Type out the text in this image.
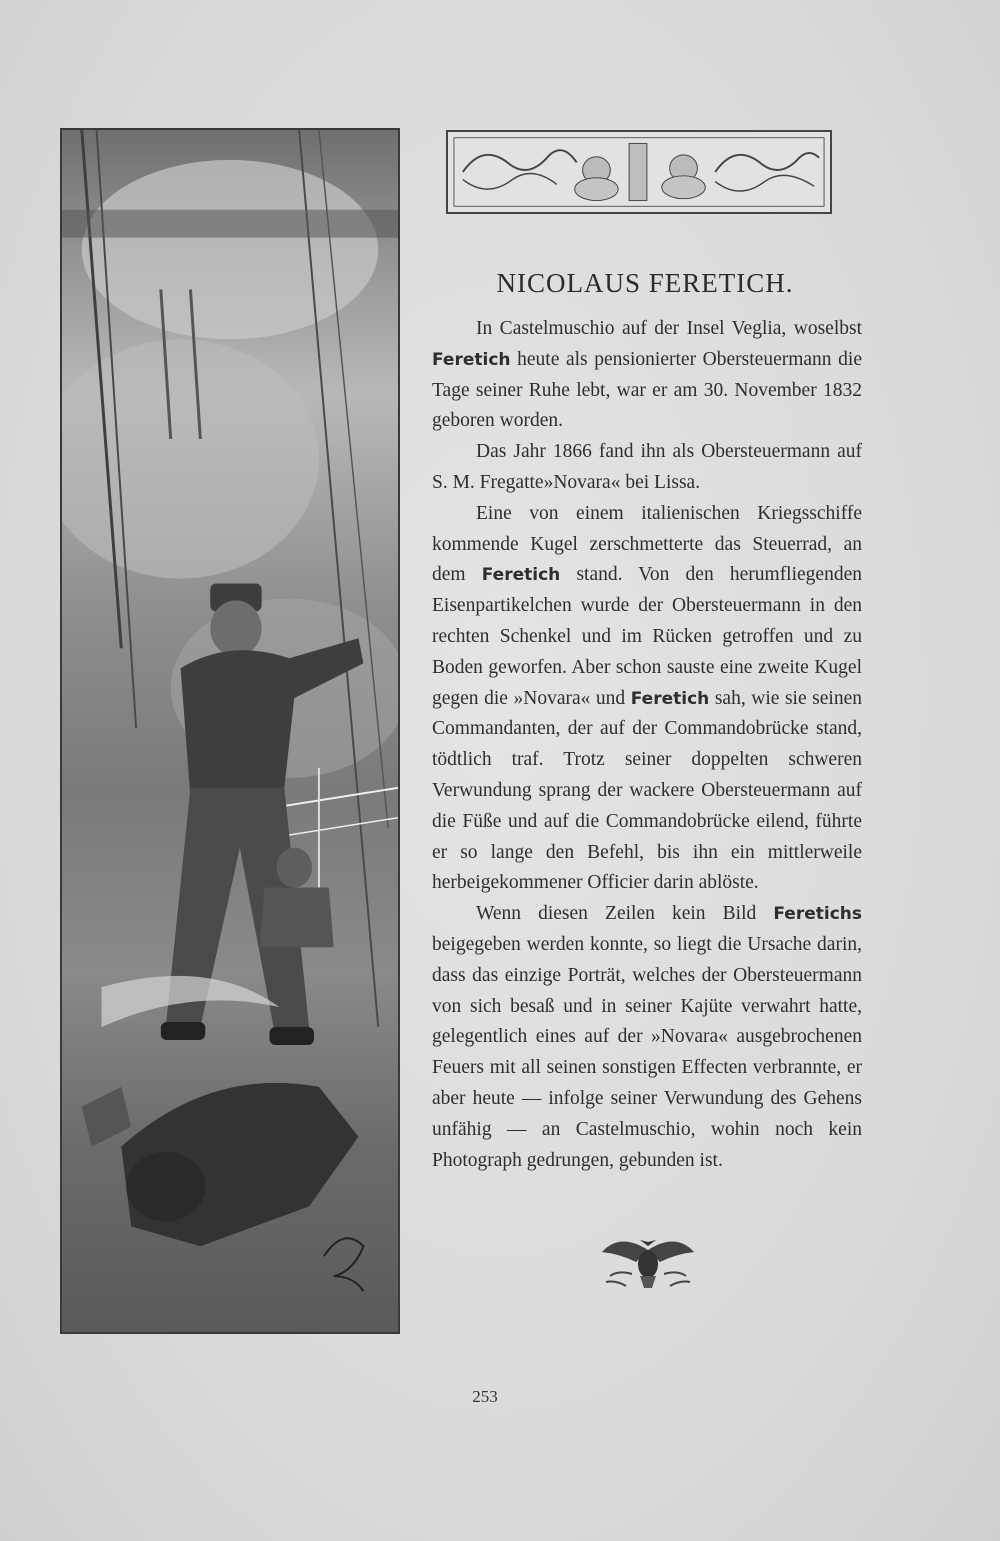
NICOLAUS FERETICH.

In Castelmuschio auf der Insel Veglia, woselbst Feretich heute als pensionierter Obersteuermann die Tage seiner Ruhe lebt, war er am 30. November 1832 geboren worden.

Das Jahr 1866 fand ihn als Obersteuermann auf S. M. Fregatte»Novara« bei Lissa.

Eine von einem italienischen Kriegsschiffe kommende Kugel zerschmetterte das Steuerrad, an dem Feretich stand. Von den herumfliegenden Eisenpartikelchen wurde der Obersteuermann in den rechten Schenkel und im Rücken getroffen und zu Boden geworfen. Aber schon sauste eine zweite Kugel gegen die »Novara« und Feretich sah, wie sie seinen Commandanten, der auf der Commandobrücke stand, tödtlich traf. Trotz seiner doppelten schweren Verwundung sprang der wackere Obersteuermann auf die Füße und auf die Commandobrücke eilend, führte er so lange den Befehl, bis ihn ein mittlerweile herbeigekommener Officier darin ablöste.

Wenn diesen Zeilen kein Bild Feretichs beigegeben werden konnte, so liegt die Ursache darin, dass das einzige Porträt, welches der Obersteuermann von sich besaß und in seiner Kajüte verwahrt hatte, gelegentlich eines auf der »Novara« ausgebrochenen Feuers mit all seinen sonstigen Effecten verbrannte, er aber heute — infolge seiner Verwundung des Gehens unfähig — an Castelmuschio, wohin noch kein Photograph gedrungen, gebunden ist.

253
